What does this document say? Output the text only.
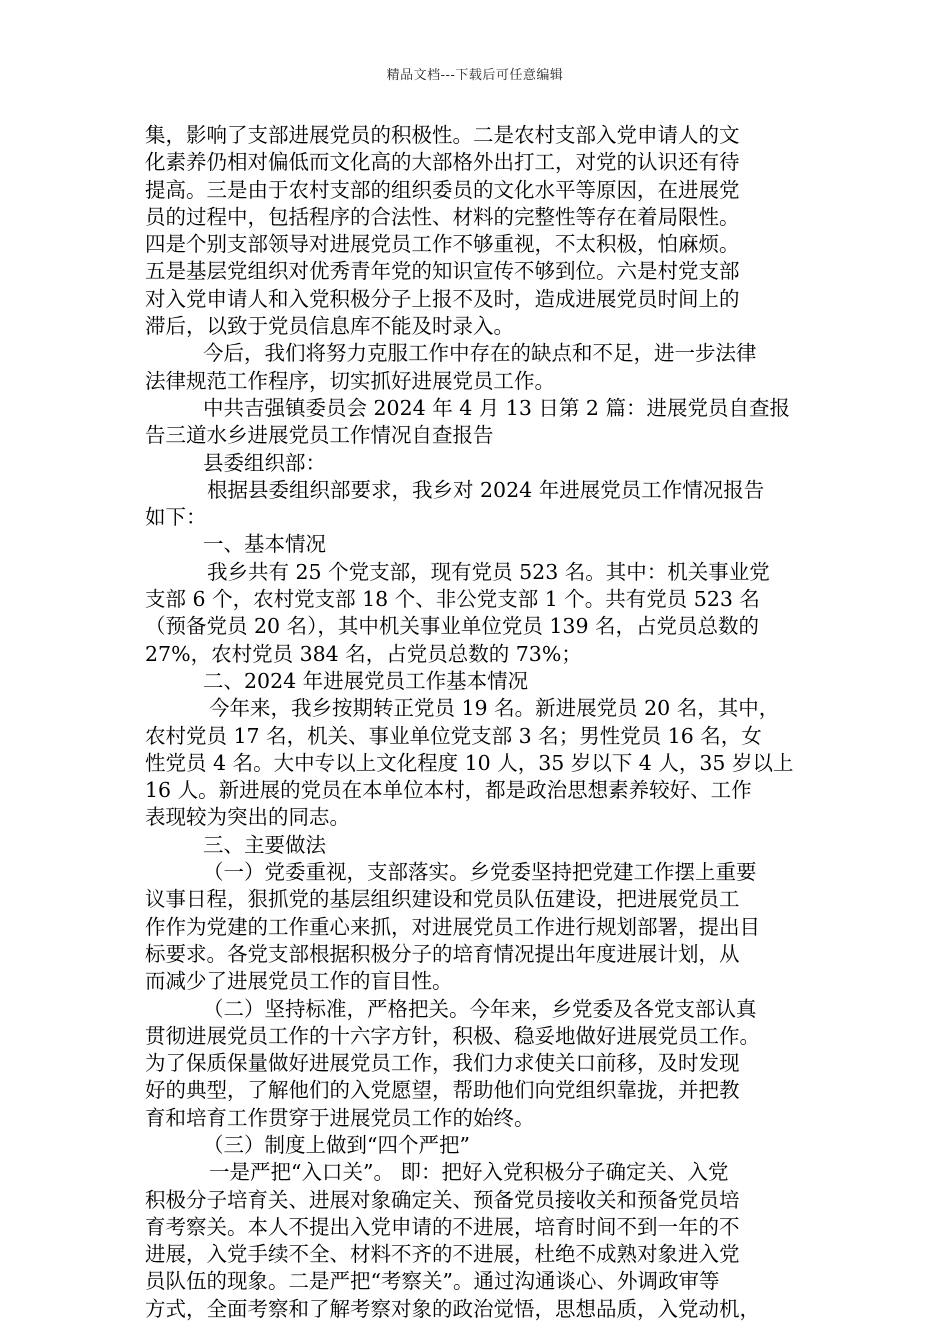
精品文档---下载后可任意编辑
集，影响了支部进展党员的积极性。二是农村支部入党申请人的文
化素养仍相对偏低而文化高的大部格外出打工，对党的认识还有待
提高。三是由于农村支部的组织委员的文化水平等原因，在进展党
员的过程中，包括程序的合法性、材料的完整性等存在着局限性。
四是个别支部领导对进展党员工作不够重视，不太积极，怕麻烦。
五是基层党组织对优秀青年党的知识宣传不够到位。六是村党支部
对入党申请人和入党积极分子上报不及时，造成进展党员时间上的
滞后，以致于党员信息库不能及时录入。
今后，我们将努力克服工作中存在的缺点和不足，进一步法律
法律规范工作程序，切实抓好进展党员工作。
中共吉强镇委员会 2024 年 4 月 13 日第 2 篇：进展党员自查报
告三道水乡进展党员工作情况自查报告
县委组织部：
根据县委组织部要求，我乡对 2024 年进展党员工作情况报告
如下：
一、基本情况
我乡共有 25 个党支部，现有党员 523 名。其中：机关事业党
支部 6 个，农村党支部 18 个、非公党支部 1 个。共有党员 523 名
（预备党员 20 名），其中机关事业单位党员 139 名，占党员总数的
27%，农村党员 384 名，占党员总数的 73%；
二、2024 年进展党员工作基本情况
今年来，我乡按期转正党员 19 名。新进展党员 20 名，其中，
农村党员 17 名，机关、事业单位党支部 3 名；男性党员 16 名，女
性党员 4 名。大中专以上文化程度 10 人，35 岁以下 4 人，35 岁以上
16 人。新进展的党员在本单位本村，都是政治思想素养较好、工作
表现较为突出的同志。
三、主要做法
（一）党委重视，支部落实。乡党委坚持把党建工作摆上重要
议事日程，狠抓党的基层组织建设和党员队伍建设，把进展党员工
作作为党建的工作重心来抓，对进展党员工作进行规划部署，提出目
标要求。各党支部根据积极分子的培育情况提出年度进展计划，从
而减少了进展党员工作的盲目性。
（二）坚持标准，严格把关。今年来，乡党委及各党支部认真
贯彻进展党员工作的十六字方针，积极、稳妥地做好进展党员工作。
为了保质保量做好进展党员工作，我们力求使关口前移，及时发现
好的典型，了解他们的入党愿望，帮助他们向党组织靠拢，并把教
育和培育工作贯穿于进展党员工作的始终。
（三）制度上做到“四个严把”
一是严把“入口关”。 即：把好入党积极分子确定关、入党
积极分子培育关、进展对象确定关、预备党员接收关和预备党员培
育考察关。本人不提出入党申请的不进展，培育时间不到一年的不
进展，入党手续不全、材料不齐的不进展，杜绝不成熟对象进入党
员队伍的现象。二是严把“考察关”。通过沟通谈心、外调政审等
方式，全面考察和了解考察对象的政治觉悟，思想品质，入党动机，
